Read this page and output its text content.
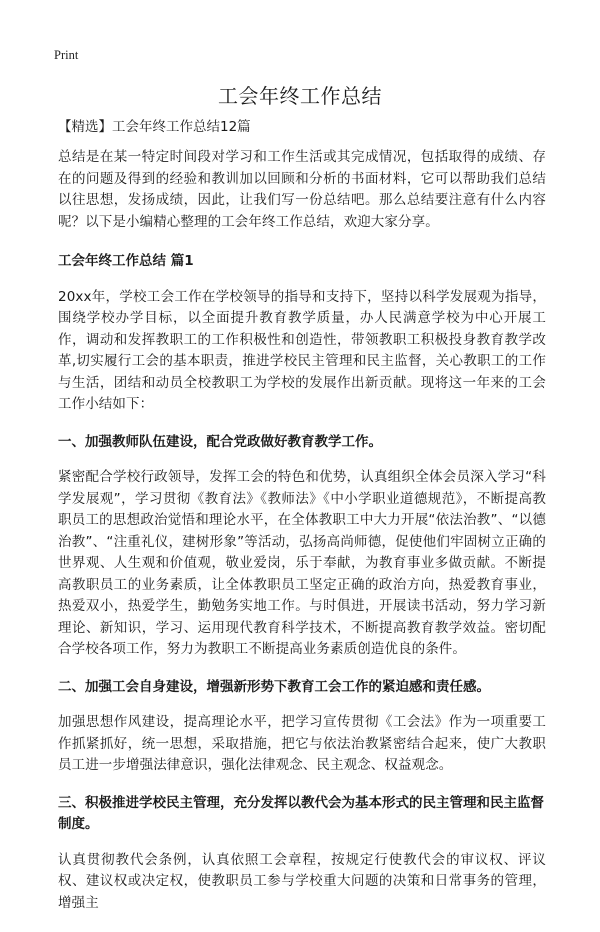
Print
工会年终工作总结

【精选】工会年终工作总结12篇

总结是在某一特定时间段对学习和工作生活或其完成情况，包括取得的成绩、存在的问题及得到的经验和教训加以回顾和分析的书面材料，它可以帮助我们总结以往思想，发扬成绩，因此，让我们写一份总结吧。那么总结要注意有什么内容呢？以下是小编精心整理的工会年终工作总结，欢迎大家分享。

工会年终工作总结 篇1

20xx年，学校工会工作在学校领导的指导和支持下，坚持以科学发展观为指导，围绕学校办学目标，以全面提升教育教学质量，办人民满意学校为中心开展工作，调动和发挥教职工的工作积极性和创造性，带领教职工积极投身教育教学改革,切实履行工会的基本职责，推进学校民主管理和民主监督，关心教职工的工作与生活，团结和动员全校教职工为学校的发展作出新贡献。现将这一年来的工会工作小结如下：

一、加强教师队伍建设，配合党政做好教育教学工作。

紧密配合学校行政领导，发挥工会的特色和优势，认真组织全体会员深入学习“科学发展观”，学习贯彻《教育法》《教师法》《中小学职业道德规范》，不断提高教职员工的思想政治觉悟和理论水平，在全体教职工中大力开展“依法治教”、“以德治教”、“注重礼仪，建树形象”等活动，弘扬高尚师德，促使他们牢固树立正确的世界观、人生观和价值观，敬业爱岗，乐于奉献，为教育事业多做贡献。不断提高教职员工的业务素质，让全体教职员工坚定正确的政治方向，热爱教育事业，热爱双小，热爱学生，勤勉务实地工作。与时俱进，开展读书活动，努力学习新理论、新知识，学习、运用现代教育科学技术，不断提高教育教学效益。密切配合学校各项工作，努力为教职工不断提高业务素质创造优良的条件。

二、加强工会自身建设，增强新形势下教育工会工作的紧迫感和责任感。

加强思想作风建设，提高理论水平，把学习宣传贯彻《工会法》作为一项重要工作抓紧抓好，统一思想，采取措施，把它与依法治教紧密结合起来，使广大教职员工进一步增强法律意识，强化法律观念、民主观念、权益观念。

三、积极推进学校民主管理，充分发挥以教代会为基本形式的民主管理和民主监督制度。

认真贯彻教代会条例，认真依照工会章程，按规定行使教代会的审议权、评议权、建议权或决定权，使教职员工参与学校重大问题的决策和日常事务的管理，增强主
